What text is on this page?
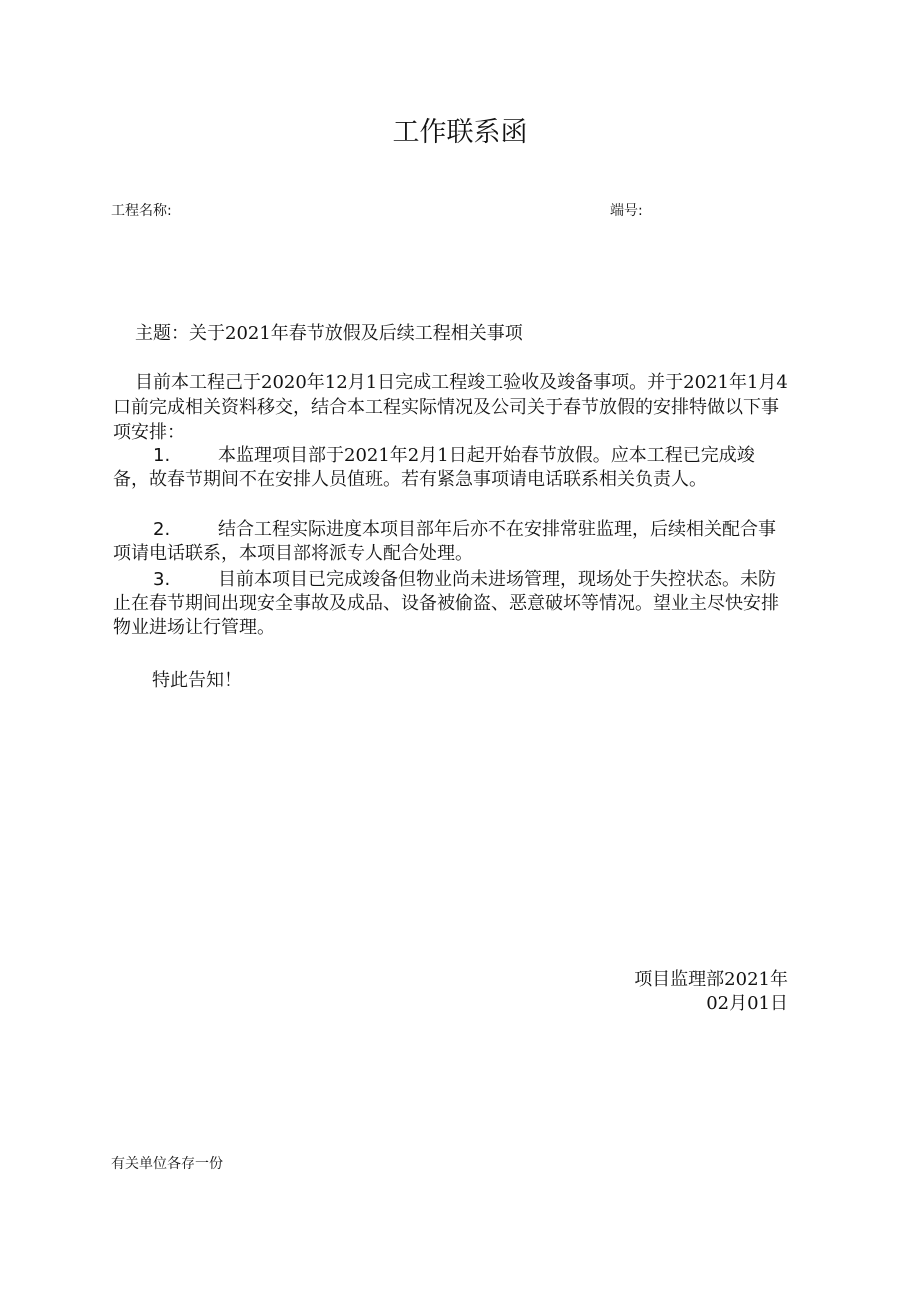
工作联系函
工程名称:	端号:
主题：关于2021年春节放假及后续工程相关事项
目前本工程己于2020年12月1日完成工程竣工验收及竣备事项。并于2021年1月4口前完成相关资料移交，结合本工程实际情况及公司关于春节放假的安排特做以下事项安排：
1.	本监理项目部于2021年2月1日起开始春节放假。应本工程已完成竣备，故春节期间不在安排人员值班。若有紧急事项请电话联系相关负责人。
2.	结合工程实际进度本项目部年后亦不在安排常驻监理，后续相关配合事项请电话联系，本项目部将派专人配合处理。
3.	目前本项目已完成竣备但物业尚未进场管理，现场处于失控状态。未防止在春节期间出现安全事故及成品、设备被偷盗、恶意破坏等情况。望业主尽快安排物业进场让行管理。
特此告知！
项目监理部2021年
02月01日
有关单位各存一份
